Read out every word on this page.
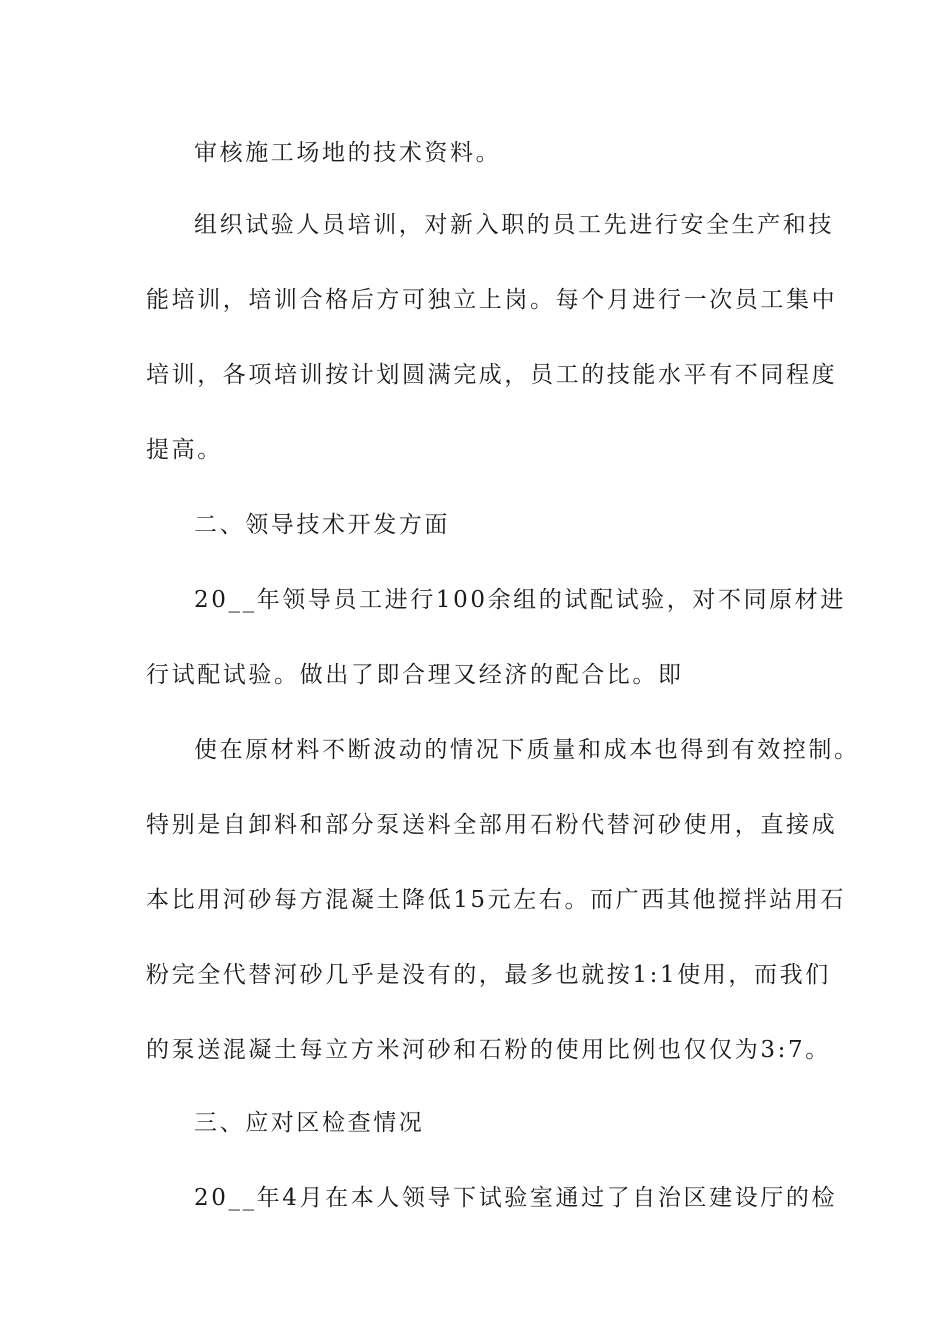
审核施工场地的技术资料。
组织试验人员培训，对新入职的员工先进行安全生产和技
能培训，培训合格后方可独立上岗。每个月进行一次员工集中
培训，各项培训按计划圆满完成，员工的技能水平有不同程度
提高。
二、领导技术开发方面
20__年领导员工进行100余组的试配试验，对不同原材进
行试配试验。做出了即合理又经济的配合比。即
使在原材料不断波动的情况下质量和成本也得到有效控制。
特别是自卸料和部分泵送料全部用石粉代替河砂使用，直接成
本比用河砂每方混凝土降低15元左右。而广西其他搅拌站用石
粉完全代替河砂几乎是没有的，最多也就按1:1使用，而我们
的泵送混凝土每立方米河砂和石粉的使用比例也仅仅为3:7。
三、应对区检查情况
20__年4月在本人领导下试验室通过了自治区建设厅的检
